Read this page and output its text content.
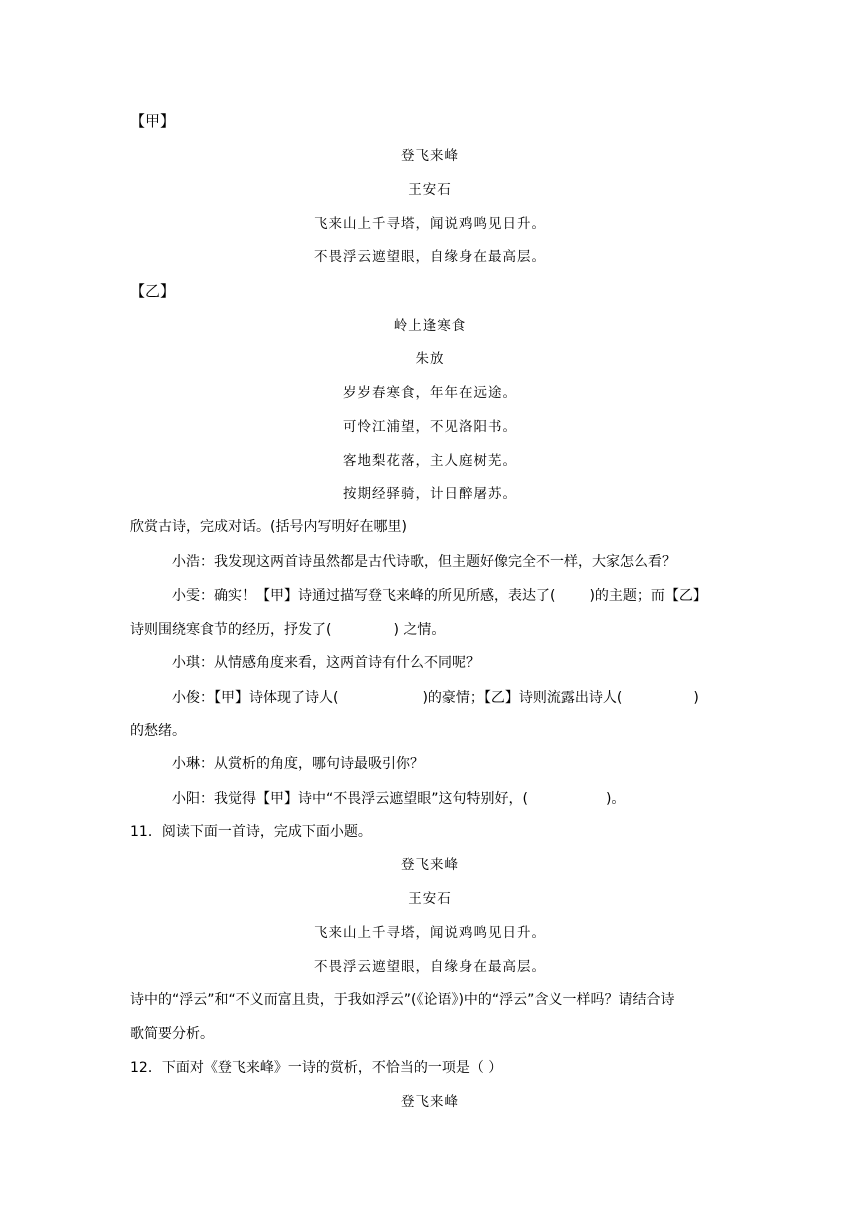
【甲】
登飞来峰
王安石
飞来山上千寻塔，闻说鸡鸣见日升。
不畏浮云遮望眼，自缘身在最高层。
【乙】
岭上逢寒食
朱放
岁岁春寒食，年年在远途。
可怜江浦望，不见洛阳书。
客地梨花落，主人庭树芜。
按期经驿骑，计日醉屠苏。
欣赏古诗，完成对话。(括号内写明好在哪里)
小浩：我发现这两首诗虽然都是古代诗歌，但主题好像完全不一样，大家怎么看？
小雯：确实！【甲】诗通过描写登飞来峰的所见所感，表达了( )的主题；而【乙】
诗则围绕寒食节的经历，抒发了(	) 之情。
小琪：从情感角度来看，这两首诗有什么不同呢？
小俊：【甲】诗体现了诗人(	)的豪情；【乙】诗则流露出诗人(	)
的愁绪。
小琳：从赏析的角度，哪句诗最吸引你？
小阳：我觉得【甲】诗中“不畏浮云遮望眼”这句特别好，(	)。
11．阅读下面一首诗，完成下面小题。
登飞来峰
王安石
飞来山上千寻塔，闻说鸡鸣见日升。
不畏浮云遮望眼，自缘身在最高层。
诗中的“浮云”和“不义而富且贵，于我如浮云”(《论语》)中的“浮云”含义一样吗？请结合诗
歌简要分析。
12．下面对《登飞来峰》一诗的赏析，不恰当的一项是（ ）
登飞来峰
